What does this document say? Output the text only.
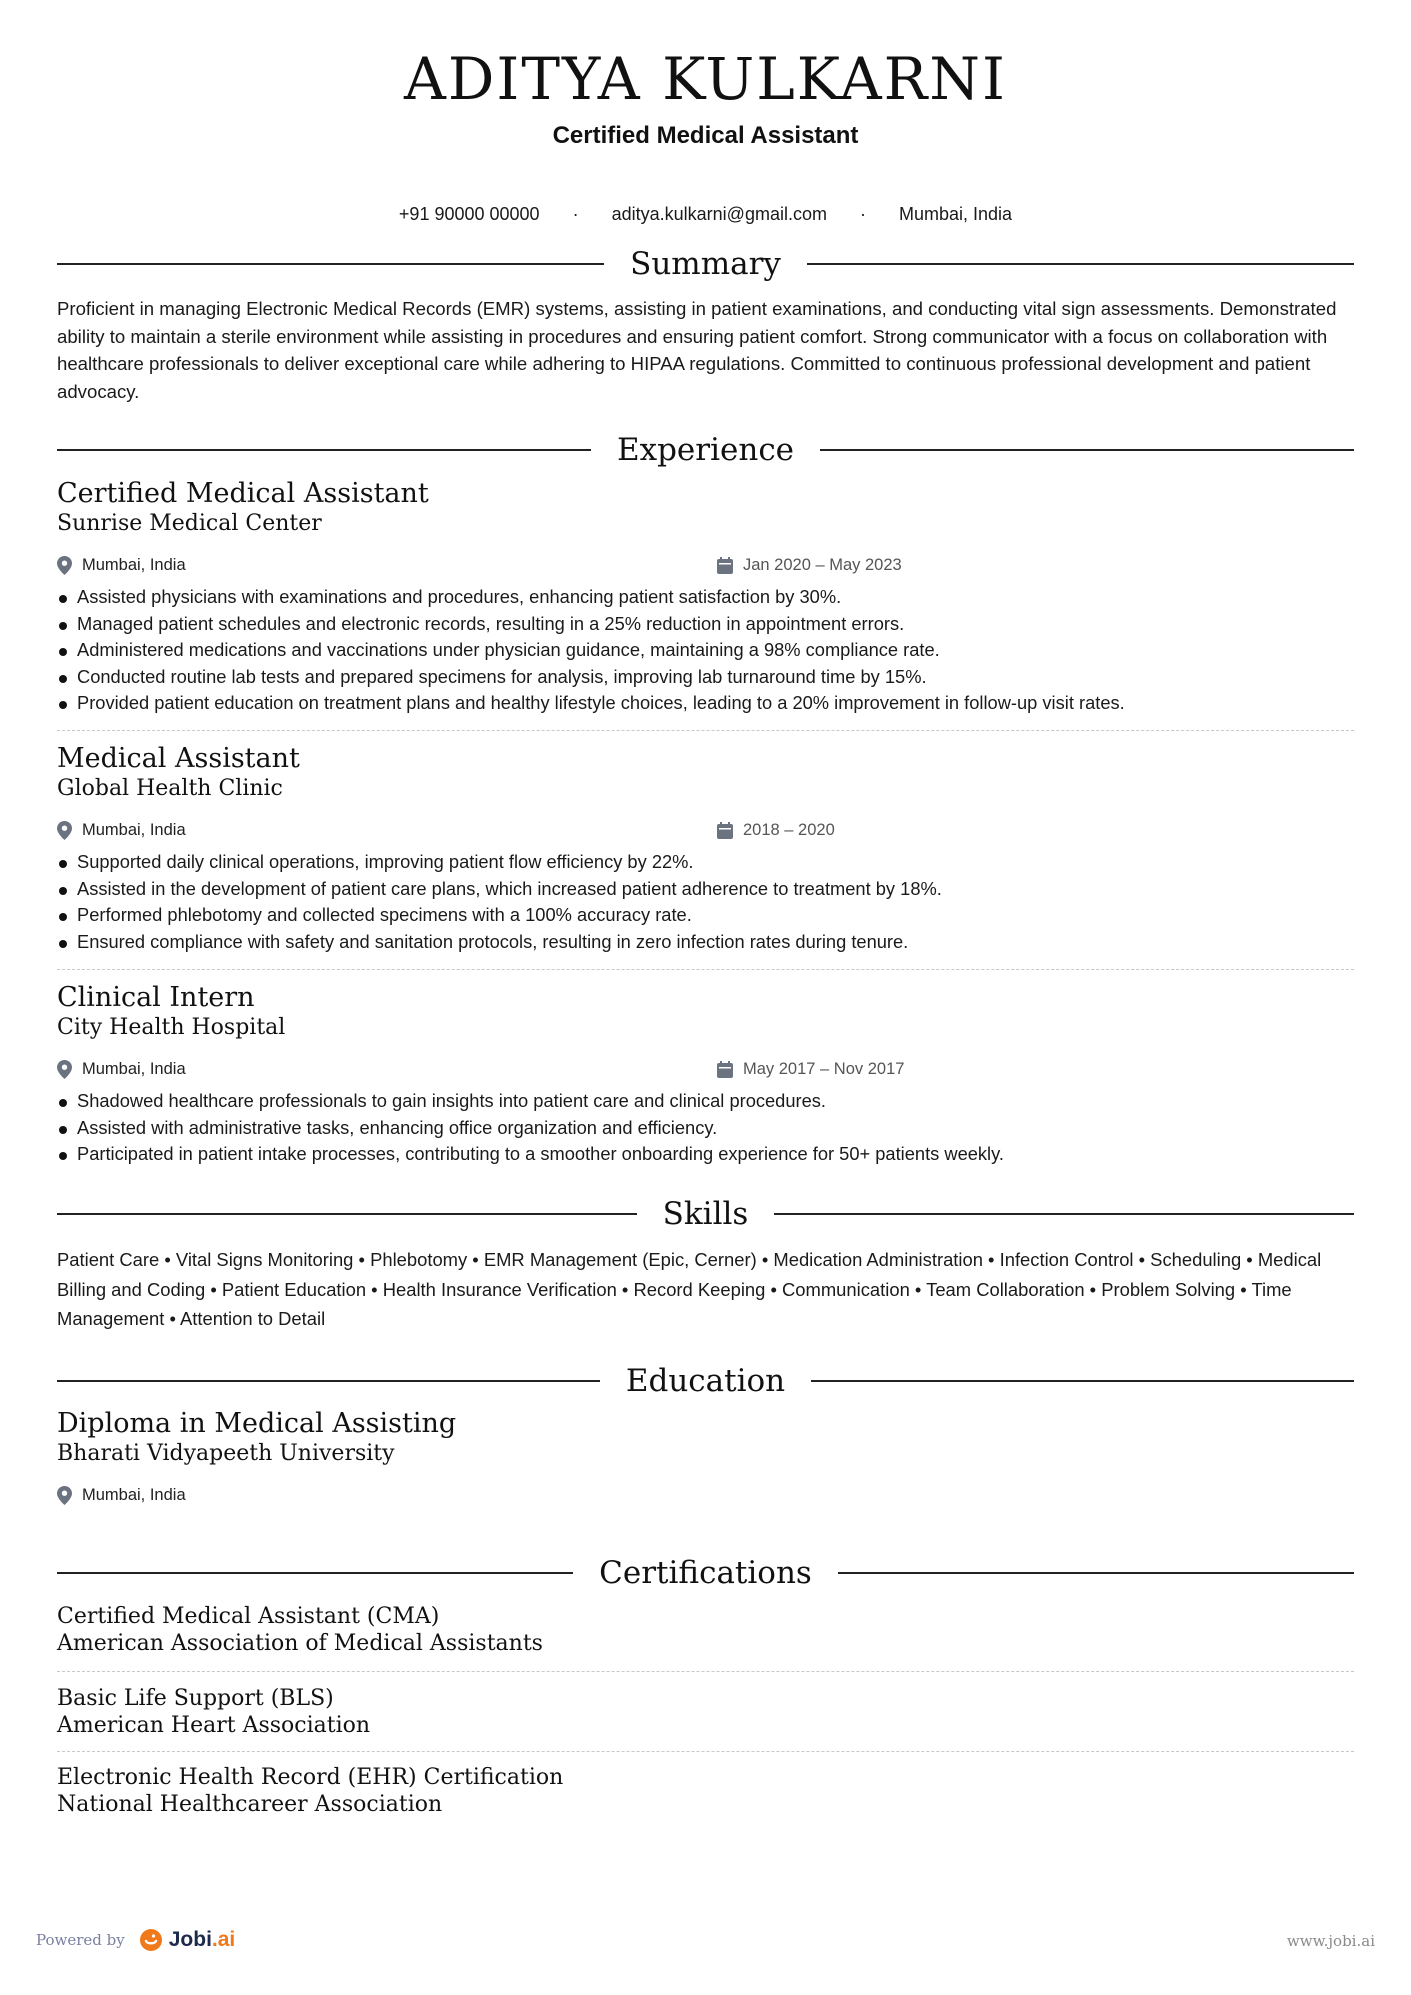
ADITYA KULKARNI
Certified Medical Assistant
+91 90000 00000 · aditya.kulkarni@gmail.com · Mumbai, India
Summary
Proficient in managing Electronic Medical Records (EMR) systems, assisting in patient examinations, and conducting vital sign assessments. Demonstrated ability to maintain a sterile environment while assisting in procedures and ensuring patient comfort. Strong communicator with a focus on collaboration with healthcare professionals to deliver exceptional care while adhering to HIPAA regulations. Committed to continuous professional development and patient advocacy.
Experience
Certified Medical Assistant
Sunrise Medical Center
Mumbai, India	Jan 2020 – May 2023
Assisted physicians with examinations and procedures, enhancing patient satisfaction by 30%.
Managed patient schedules and electronic records, resulting in a 25% reduction in appointment errors.
Administered medications and vaccinations under physician guidance, maintaining a 98% compliance rate.
Conducted routine lab tests and prepared specimens for analysis, improving lab turnaround time by 15%.
Provided patient education on treatment plans and healthy lifestyle choices, leading to a 20% improvement in follow-up visit rates.
Medical Assistant
Global Health Clinic
Mumbai, India	2018 – 2020
Supported daily clinical operations, improving patient flow efficiency by 22%.
Assisted in the development of patient care plans, which increased patient adherence to treatment by 18%.
Performed phlebotomy and collected specimens with a 100% accuracy rate.
Ensured compliance with safety and sanitation protocols, resulting in zero infection rates during tenure.
Clinical Intern
City Health Hospital
Mumbai, India	May 2017 – Nov 2017
Shadowed healthcare professionals to gain insights into patient care and clinical procedures.
Assisted with administrative tasks, enhancing office organization and efficiency.
Participated in patient intake processes, contributing to a smoother onboarding experience for 50+ patients weekly.
Skills
Patient Care • Vital Signs Monitoring • Phlebotomy • EMR Management (Epic, Cerner) • Medication Administration • Infection Control • Scheduling • Medical Billing and Coding • Patient Education • Health Insurance Verification • Record Keeping • Communication • Team Collaboration • Problem Solving • Time Management • Attention to Detail
Education
Diploma in Medical Assisting
Bharati Vidyapeeth University
Mumbai, India
Certifications
Certified Medical Assistant (CMA)
American Association of Medical Assistants
Basic Life Support (BLS)
American Heart Association
Electronic Health Record (EHR) Certification
National Healthcareer Association
Powered by Jobi .ai	www.jobi.ai
